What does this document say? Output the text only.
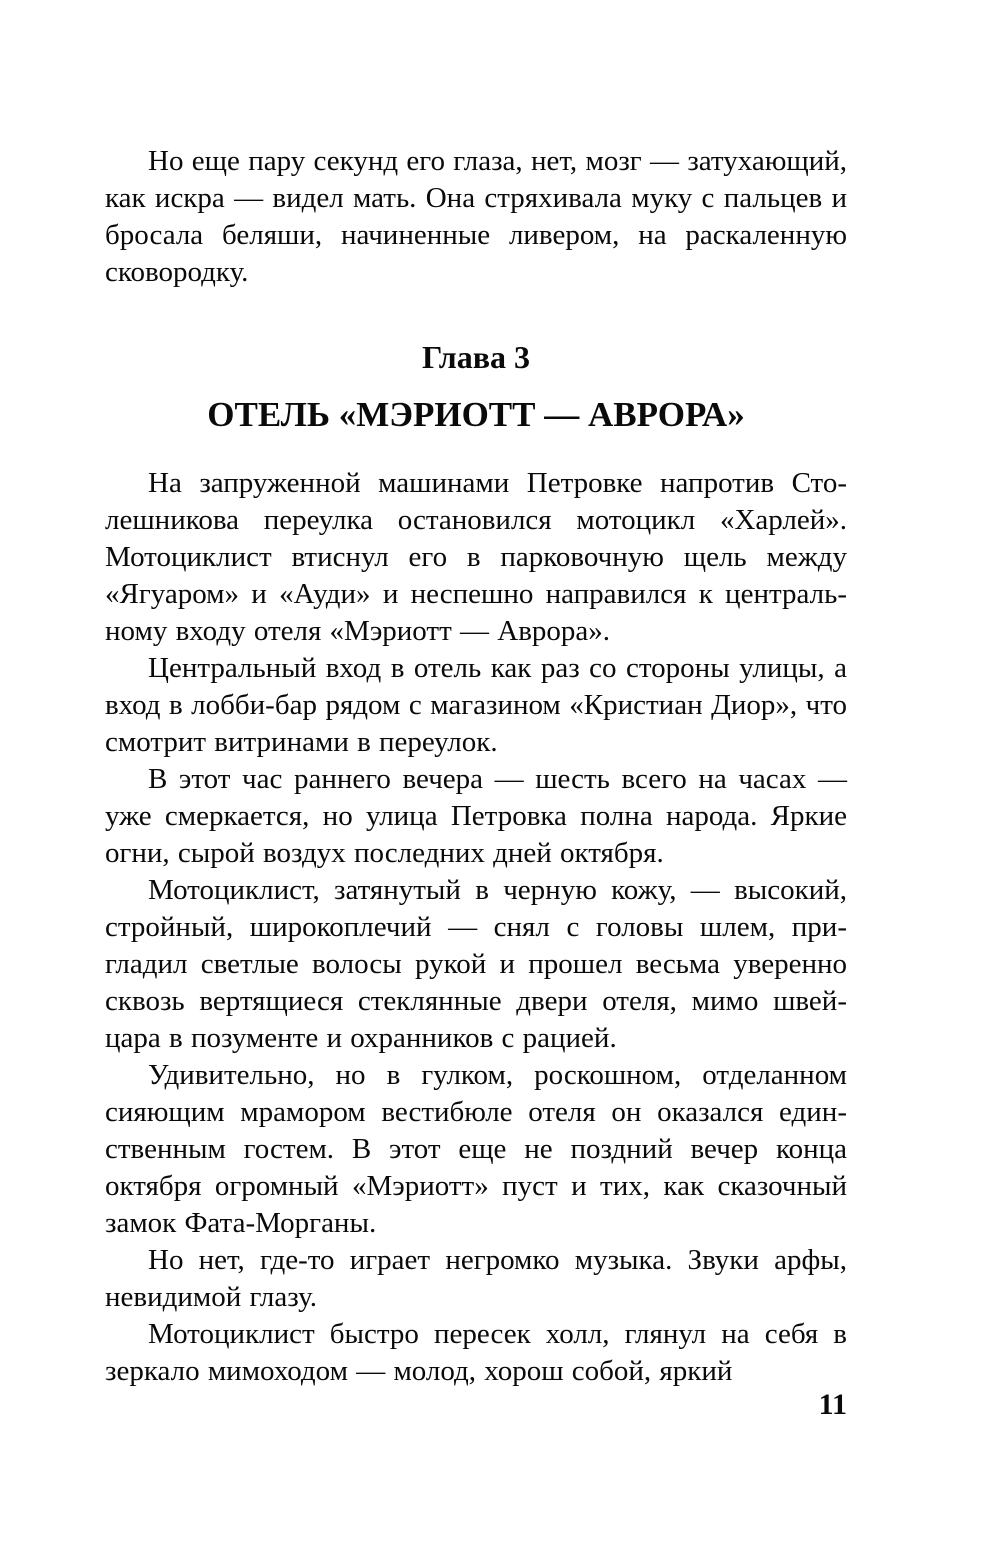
Но еще пару секунд его глаза, нет, мозг — затухающий, как искра — видел мать. Она стряхивала муку с пальцев и бросала беляши, начиненные ливером, на раскаленную сковородку.

Глава 3
ОТЕЛЬ «МЭРИОТТ — АВРОРА»

На запруженной машинами Петровке напротив Столешникова переулка остановился мотоцикл «Харлей». Мотоциклист втиснул его в парковочную щель между «Ягуаром» и «Ауди» и неспешно направился к центральному входу отеля «Мэриотт — Аврора».

Центральный вход в отель как раз со стороны улицы, а вход в лобби-бар рядом с магазином «Кристиан Диор», что смотрит витринами в переулок.

В этот час раннего вечера — шесть всего на часах — уже смеркается, но улица Петровка полна народа. Яркие огни, сырой воздух последних дней октября.

Мотоциклист, затянутый в черную кожу, — высокий, стройный, широкоплечий — снял с головы шлем, пригладил светлые волосы рукой и прошел весьма уверенно сквозь вертящиеся стеклянные двери отеля, мимо швейцара в позументе и охранников с рацией.

Удивительно, но в гулком, роскошном, отделанном сияющим мрамором вестибюле отеля он оказался единственным гостем. В этот еще не поздний вечер конца октября огромный «Мэриотт» пуст и тих, как сказочный замок Фата-Морганы.

Но нет, где-то играет негромко музыка. Звуки арфы, невидимой глазу.

Мотоциклист быстро пересек холл, глянул на себя в зеркало мимоходом — молод, хорош собой, яркий

11
